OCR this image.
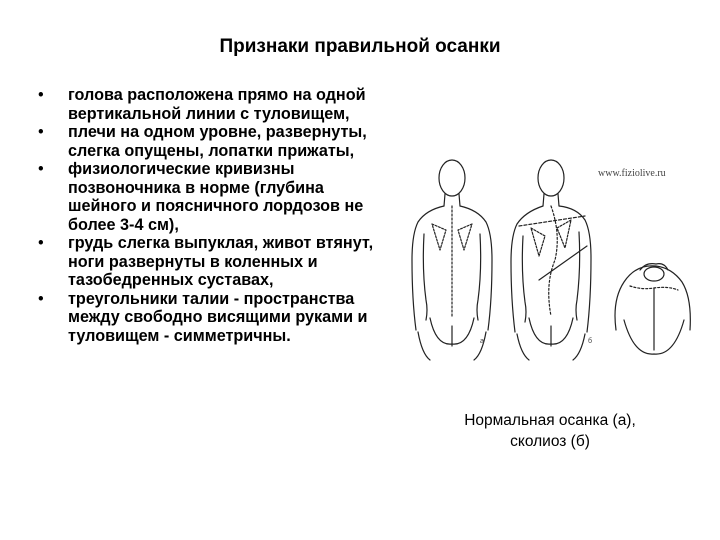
Признаки правильной осанки
• голова расположена прямо на одной вертикальной линии с туловищем,
• плечи на одном уровне, развернуты, слегка опущены, лопатки прижаты,
• физиологические кривизны позвоночника в норме (глубина шейного и поясничного лордозов не более 3-4 см),
• грудь слегка выпуклая, живот втянут, ноги развернуты в коленных и тазобедренных суставах,
• треугольники талии - пространства между свободно висящими руками и туловищем - симметричны.	а	б
www.fiziolive.ru
Нормальная осанка (а),
сколиоз (б)
